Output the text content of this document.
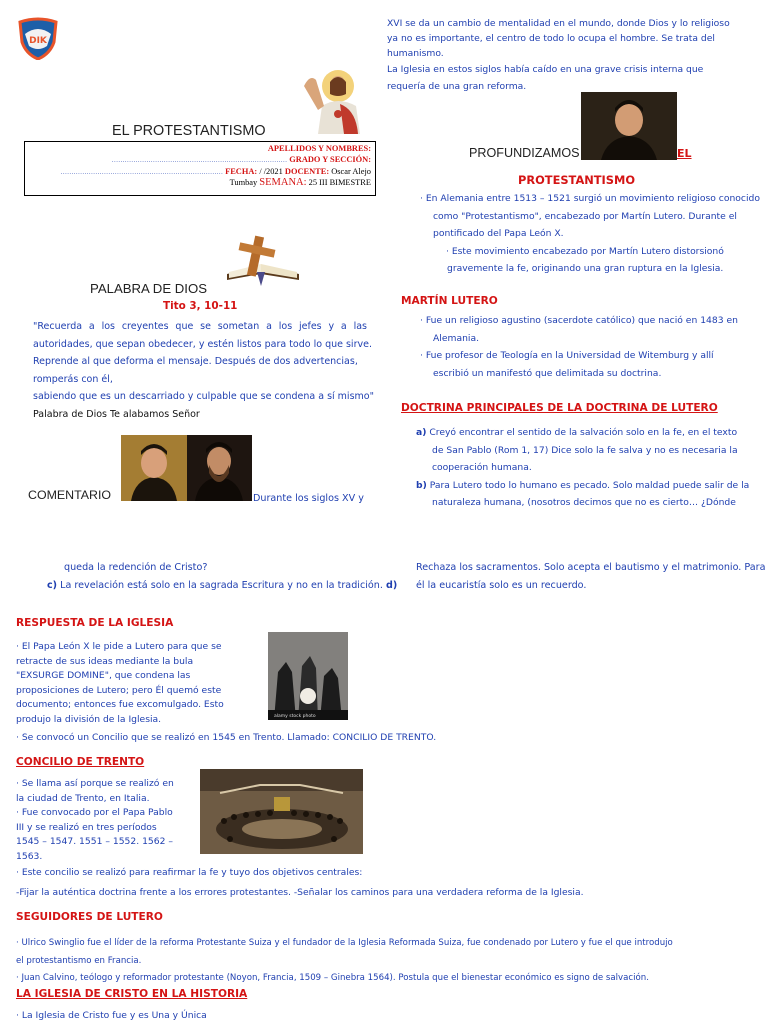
DIK
EL PROTESTANTISMO
APELLIDOS Y NOMBRES:
……………………………………………………………………… GRADO Y SECCIÓN:
………………………………………………………………… FECHA: / /2021 DOCENTE: Oscar Alejo
Tumbay SEMANA: 25 III BIMESTRE
PALABRA DE DIOS
Tito 3, 10-11
"Recuerda a los creyentes que se sometan a los jefes y a las
autoridades, que sepan obedecer, y estén listos para todo lo que sirve.
Reprende al que deforma el mensaje. Después de dos advertencias,
romperás con él,
sabiendo que es un descarriado y culpable que se condena a sí mismo"
Palabra de Dios Te alabamos Señor
COMENTARIO	Durante los siglos XV y
XVI se da un cambio de mentalidad en el mundo, donde Dios y lo religioso
ya no es importante, el centro de todo lo ocupa el hombre. Se trata del
humanismo.
La Iglesia en estos siglos había caído en una grave crisis interna que
requería de una gran reforma.
PROFUNDIZAMOS	EL
PROTESTANTISMO
· En Alemania entre 1513 – 1521 surgió un movimiento religioso conocido
como "Protestantismo", encabezado por Martín Lutero. Durante el
pontificado del Papa León X.
· Este movimiento encabezado por Martín Lutero distorsionó
gravemente la fe, originando una gran ruptura en la Iglesia.
MARTÍN LUTERO
· Fue un religioso agustino (sacerdote católico) que nació en 1483 en
Alemania.
· Fue profesor de Teología en la Universidad de Witemburg y allí
escribió un manifestó que delimitada su doctrina.
DOCTRINA PRINCIPALES DE LA DOCTRINA DE LUTERO
a) Creyó encontrar el sentido de la salvación solo en la fe, en el texto
de San Pablo (Rom 1, 17) Dice solo la fe salva y no es necesaria la
cooperación humana.
b) Para Lutero todo lo humano es pecado. Solo maldad puede salir de la
naturaleza humana, (nosotros decimos que no es cierto… ¿Dónde
queda la redención de Cristo?
c) La revelación está solo en la sagrada Escritura y no en la tradición. d)
Rechaza los sacramentos. Solo acepta el bautismo y el matrimonio. Para
él la eucaristía solo es un recuerdo.
RESPUESTA DE LA IGLESIA
· El Papa León X le pide a Lutero para que se
retracte de sus ideas mediante la bula
"EXSURGE DOMINE", que condena las
proposiciones de Lutero; pero Él quemó este
documento; entonces fue excomulgado. Esto
produjo la división de la Iglesia.	alamy stock photo
· Se convocó un Concilio que se realizó en 1545 en Trento. Llamado: CONCILIO DE TRENTO.
CONCILIO DE TRENTO
· Se llama así porque se realizó en
la ciudad de Trento, en Italia.
· Fue convocado por el Papa Pablo
III y se realizó en tres períodos
1545 – 1547. 1551 – 1552. 1562 –
1563.
· Este concilio se realizó para reafirmar la fe y tuyo dos objetivos centrales:
-Fijar la auténtica doctrina frente a los errores protestantes. -Señalar los caminos para una verdadera reforma de la Iglesia.
SEGUIDORES DE LUTERO
· Ulrico Swinglio fue el líder de la reforma Protestante Suiza y el fundador de la Iglesia Reformada Suiza, fue condenado por Lutero y fue el que introdujo
el protestantismo en Francia.
· Juan Calvino, teólogo y reformador protestante (Noyon, Francia, 1509 – Ginebra 1564). Postula que el bienestar económico es signo de salvación.
LA IGLESIA DE CRISTO EN LA HISTORIA
· La Iglesia de Cristo fue y es Una y Única
